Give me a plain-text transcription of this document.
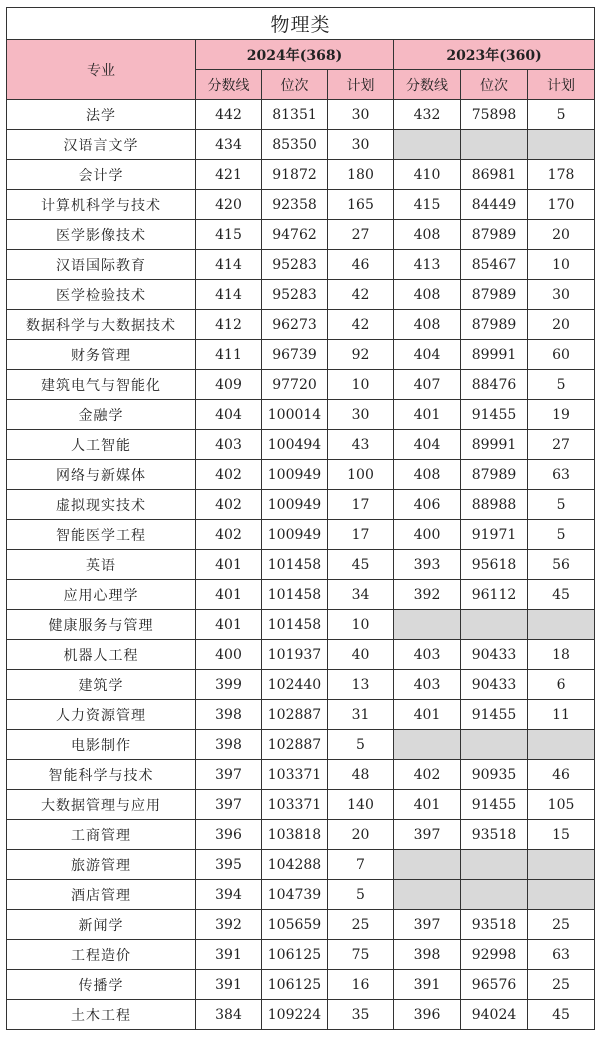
物理类						
专业	2024年(368)			2023年(360)		
	分数线	位次	计划	分数线	位次	计划
法学	442	81351	30	432	75898	5
汉语言文学	434	85350	30			
会计学	421	91872	180	410	86981	178
计算机科学与技术	420	92358	165	415	84449	170
医学影像技术	415	94762	27	408	87989	20
汉语国际教育	414	95283	46	413	85467	10
医学检验技术	414	95283	42	408	87989	30
数据科学与大数据技术	412	96273	42	408	87989	20
财务管理	411	96739	92	404	89991	60
建筑电气与智能化	409	97720	10	407	88476	5
金融学	404	100014	30	401	91455	19
人工智能	403	100494	43	404	89991	27
网络与新媒体	402	100949	100	408	87989	63
虚拟现实技术	402	100949	17	406	88988	5
智能医学工程	402	100949	17	400	91971	5
英语	401	101458	45	393	95618	56
应用心理学	401	101458	34	392	96112	45
健康服务与管理	401	101458	10			
机器人工程	400	101937	40	403	90433	18
建筑学	399	102440	13	403	90433	6
人力资源管理	398	102887	31	401	91455	11
电影制作	398	102887	5			
智能科学与技术	397	103371	48	402	90935	46
大数据管理与应用	397	103371	140	401	91455	105
工商管理	396	103818	20	397	93518	15
旅游管理	395	104288	7			
酒店管理	394	104739	5			
新闻学	392	105659	25	397	93518	25
工程造价	391	106125	75	398	92998	63
传播学	391	106125	16	391	96576	25
土木工程	384	109224	35	396	94024	45
